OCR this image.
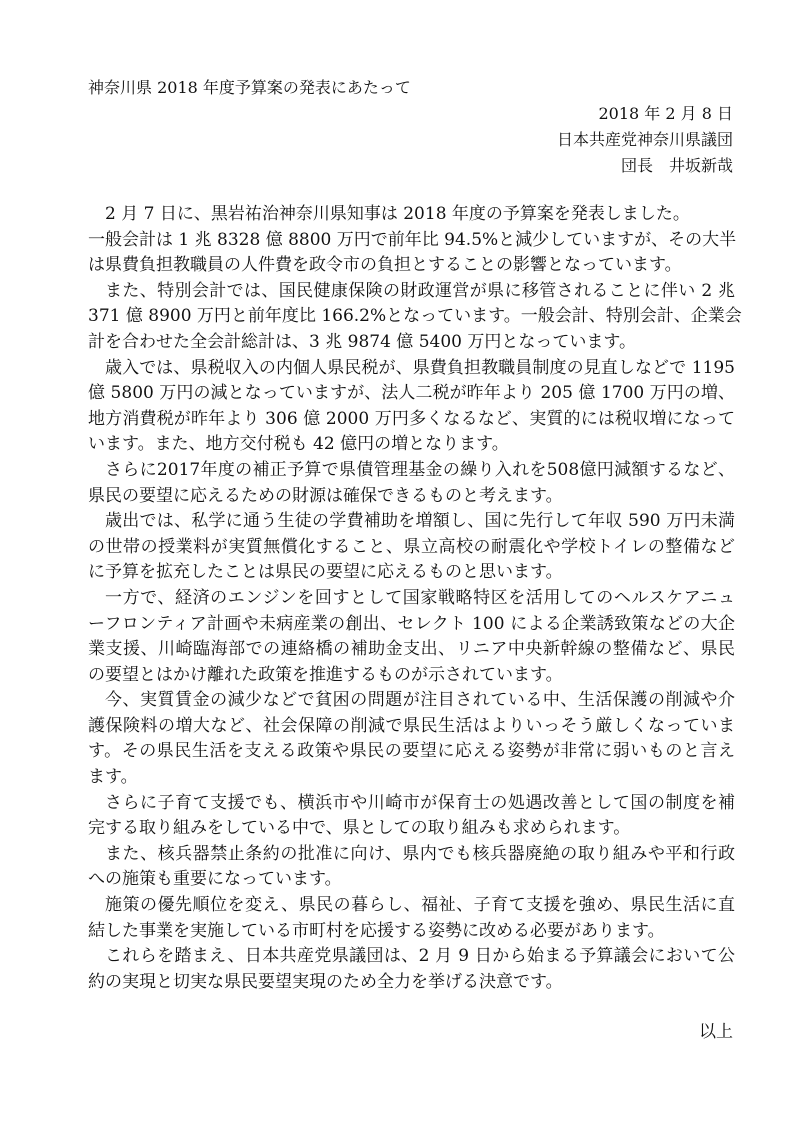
神奈川県 2018 年度予算案の発表にあたって
2018 年 2 月 8 日
日本共産党神奈川県議団
団長　井坂新哉
2 月 7 日に、黒岩祐治神奈川県知事は 2018 年度の予算案を発表しました。
一般会計は 1 兆 8328 億 8800 万円で前年比 94.5%と減少していますが、その大半
は県費負担教職員の人件費を政令市の負担とすることの影響となっています。
また、特別会計では、国民健康保険の財政運営が県に移管されることに伴い 2 兆
371 億 8900 万円と前年度比 166.2%となっています。一般会計、特別会計、企業会
計を合わせた全会計総計は、3 兆 9874 億 5400 万円となっています。
歳入では、県税収入の内個人県民税が、県費負担教職員制度の見直しなどで 1195
億 5800 万円の減となっていますが、法人二税が昨年より 205 億 1700 万円の増、
地方消費税が昨年より 306 億 2000 万円多くなるなど、実質的には税収増になって
います。また、地方交付税も 42 億円の増となります。
さらに2017年度の補正予算で県債管理基金の繰り入れを508億円減額するなど、
県民の要望に応えるための財源は確保できるものと考えます。
歳出では、私学に通う生徒の学費補助を増額し、国に先行して年収 590 万円未満
の世帯の授業料が実質無償化すること、県立高校の耐震化や学校トイレの整備など
に予算を拡充したことは県民の要望に応えるものと思います。
一方で、経済のエンジンを回すとして国家戦略特区を活用してのヘルスケアニュ
ーフロンティア計画や未病産業の創出、セレクト 100 による企業誘致策などの大企
業支援、川崎臨海部での連絡橋の補助金支出、リニア中央新幹線の整備など、県民
の要望とはかけ離れた政策を推進するものが示されています。
今、実質賃金の減少などで貧困の問題が注目されている中、生活保護の削減や介
護保険料の増大など、社会保障の削減で県民生活はよりいっそう厳しくなっていま
す。その県民生活を支える政策や県民の要望に応える姿勢が非常に弱いものと言え
ます。
さらに子育て支援でも、横浜市や川崎市が保育士の処遇改善として国の制度を補
完する取り組みをしている中で、県としての取り組みも求められます。
また、核兵器禁止条約の批准に向け、県内でも核兵器廃絶の取り組みや平和行政
への施策も重要になっています。
施策の優先順位を変え、県民の暮らし、福祉、子育て支援を強め、県民生活に直
結した事業を実施している市町村を応援する姿勢に改める必要があります。
これらを踏まえ、日本共産党県議団は、2 月 9 日から始まる予算議会において公
約の実現と切実な県民要望実現のため全力を挙げる決意です。
以上
